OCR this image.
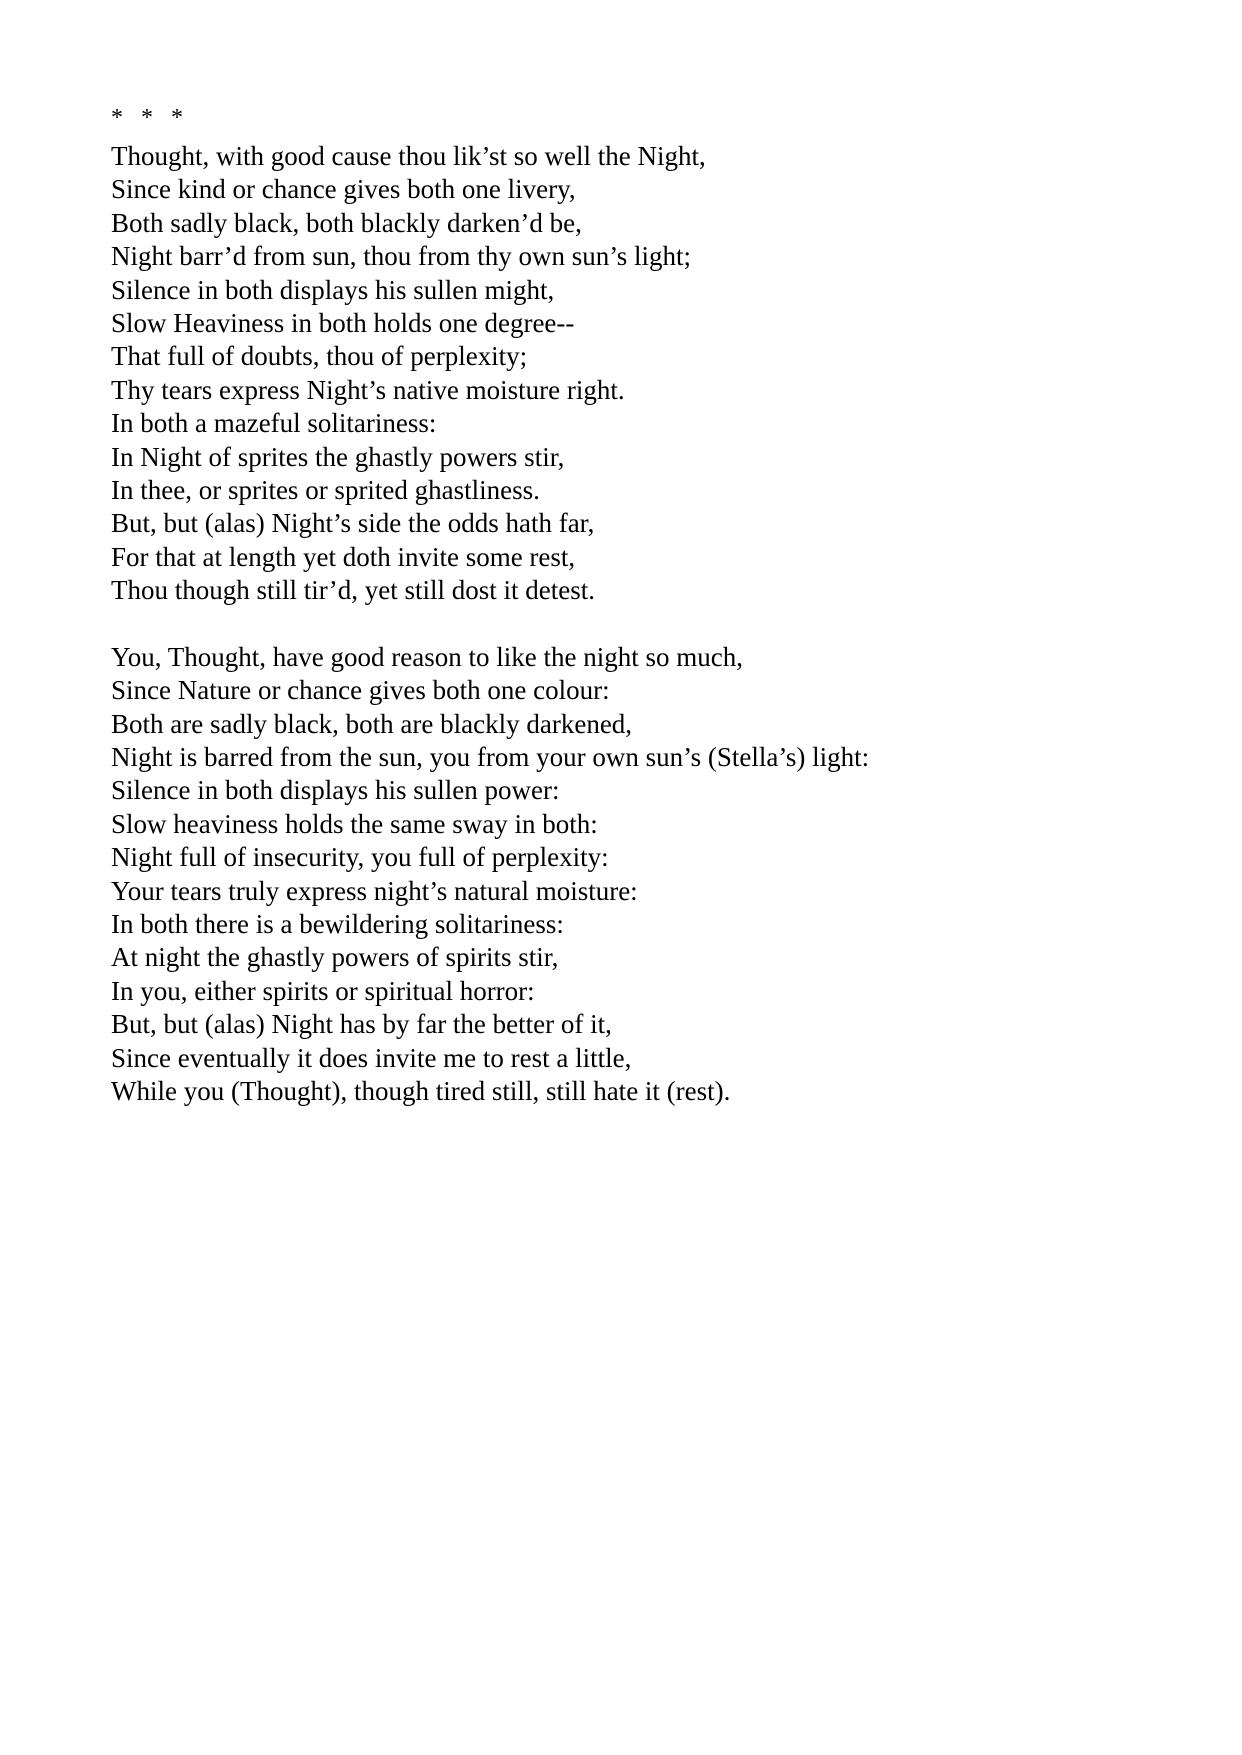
* * *
Thought, with good cause thou lik’st so well the Night,
Since kind or chance gives both one livery,
Both sadly black, both blackly darken’d be,
Night barr’d from sun, thou from thy own sun’s light;
Silence in both displays his sullen might,
Slow Heaviness in both holds one degree--
That full of doubts, thou of perplexity;
Thy tears express Night’s native moisture right.
In both a mazeful solitariness:
In Night of sprites the ghastly powers stir,
In thee, or sprites or sprited ghastliness.
But, but (alas) Night’s side the odds hath far,
For that at length yet doth invite some rest,
Thou though still tir’d, yet still dost it detest.
You, Thought, have good reason to like the night so much,
Since Nature or chance gives both one colour:
Both are sadly black, both are blackly darkened,
Night is barred from the sun, you from your own sun’s (Stella’s) light:
Silence in both displays his sullen power:
Slow heaviness holds the same sway in both:
Night full of insecurity, you full of perplexity:
Your tears truly express night’s natural moisture:
In both there is a bewildering solitariness:
At night the ghastly powers of spirits stir,
In you, either spirits or spiritual horror:
But, but (alas) Night has by far the better of it,
Since eventually it does invite me to rest a little,
While you (Thought), though tired still, still hate it (rest).
